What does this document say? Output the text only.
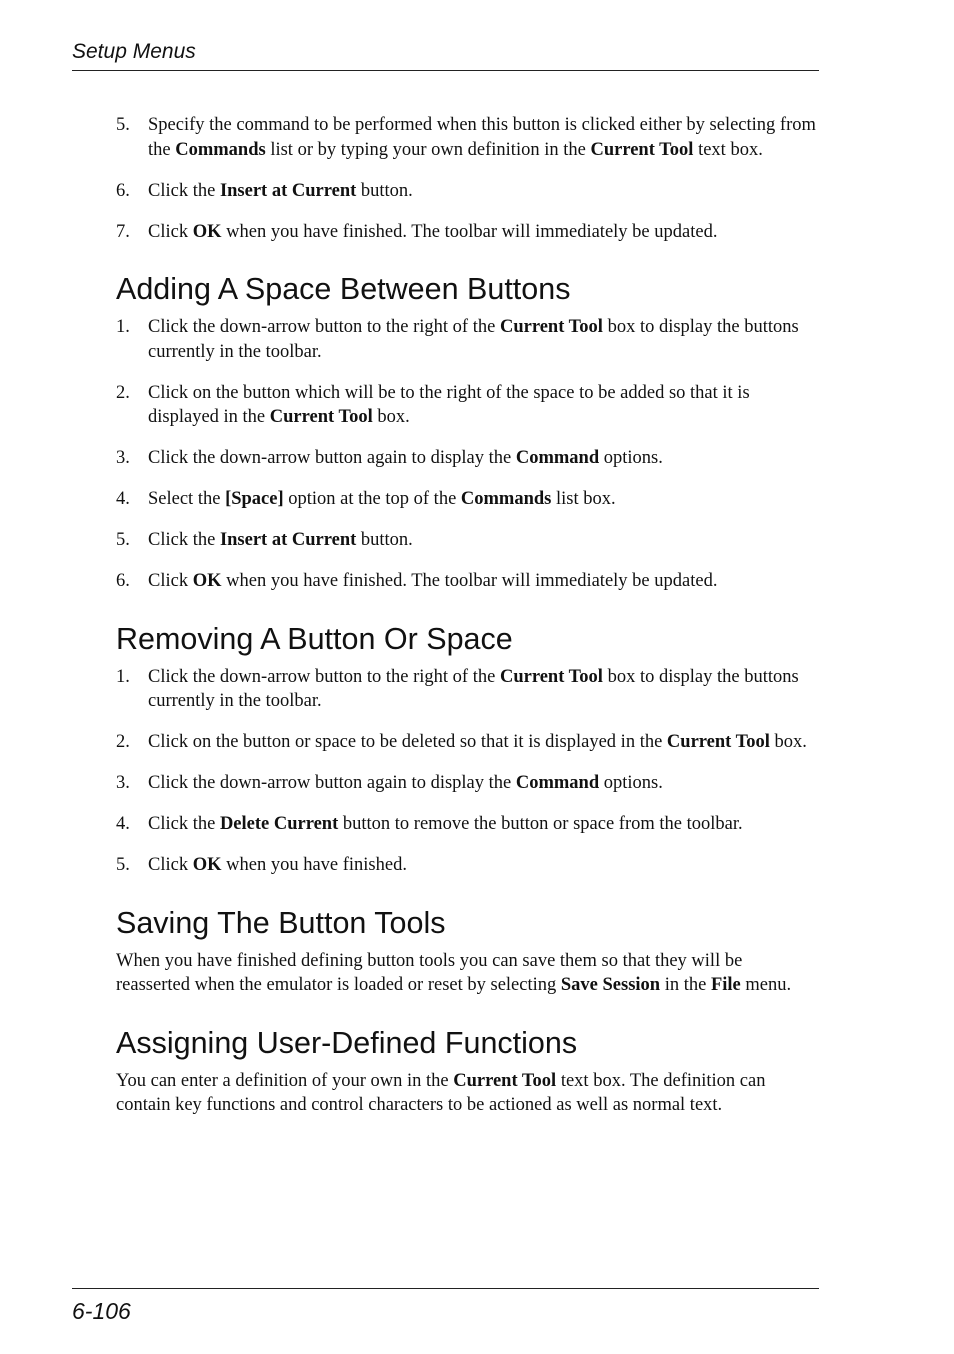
Setup Menus
5. Specify the command to be performed when this button is clicked either by selecting from the Commands list or by typing your own definition in the Current Tool text box.
6. Click the Insert at Current button.
7. Click OK when you have finished. The toolbar will immediately be updated.
Adding A Space Between Buttons
1. Click the down-arrow button to the right of the Current Tool box to display the buttons currently in the toolbar.
2. Click on the button which will be to the right of the space to be added so that it is displayed in the Current Tool box.
3. Click the down-arrow button again to display the Command options.
4. Select the [Space] option at the top of the Commands list box.
5. Click the Insert at Current button.
6. Click OK when you have finished. The toolbar will immediately be updated.
Removing A Button Or Space
1. Click the down-arrow button to the right of the Current Tool box to display the buttons currently in the toolbar.
2. Click on the button or space to be deleted so that it is displayed in the Current Tool box.
3. Click the down-arrow button again to display the Command options.
4. Click the Delete Current button to remove the button or space from the toolbar.
5. Click OK when you have finished.
Saving The Button Tools

When you have finished defining button tools you can save them so that they will be reasserted when the emulator is loaded or reset by selecting Save Session in the File menu.

Assigning User-Defined Functions

You can enter a definition of your own in the Current Tool text box. The definition can contain key functions and control characters to be actioned as well as normal text.

6-106
